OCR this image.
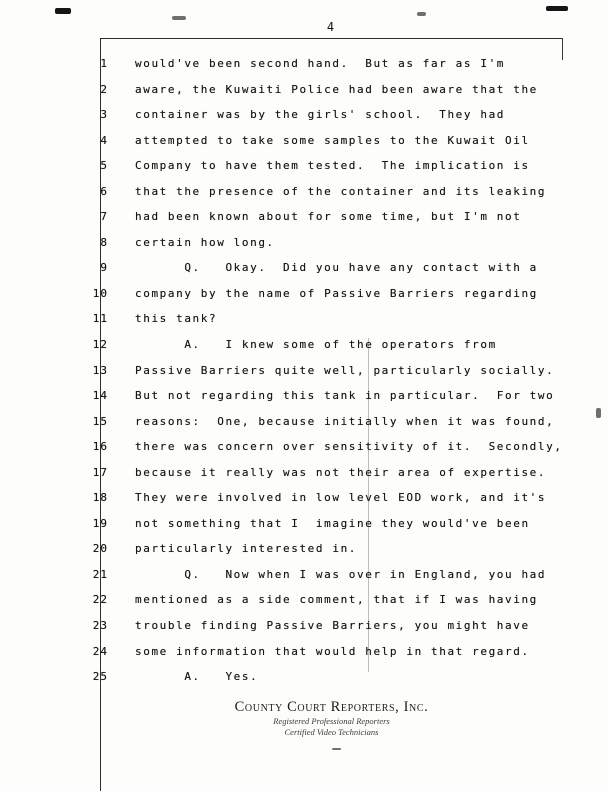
4
1 would've been second hand.  But as far as I'm
2 aware, the Kuwaiti Police had been aware that the
3 container was by the girls' school.  They had
4 attempted to take some samples to the Kuwait Oil
5 Company to have them tested.  The implication is
6 that the presence of the container and its leaking
7 had been known about for some time, but I'm not
8 certain how long.
9 Q.   Okay.  Did you have any contact with a
10 company by the name of Passive Barriers regarding
11 this tank?
12 A.   I knew some of the operators from
13 Passive Barriers quite well, particularly socially.
14 But not regarding this tank in particular.  For two
15 reasons:  One, because initially when it was found,
16 there was concern over sensitivity of it.  Secondly,
17 because it really was not their area of expertise.
18 They were involved in low level EOD work, and it's
19 not something that I  imagine they would've been
20 particularly interested in.
21 Q.   Now when I was over in England, you had
22 mentioned as a side comment, that if I was having
23 trouble finding Passive Barriers, you might have
24 some information that would help in that regard.
25 A.   Yes.
County Court Reporters, Inc.
Registered Professional Reporters
Certified Video Technicians
